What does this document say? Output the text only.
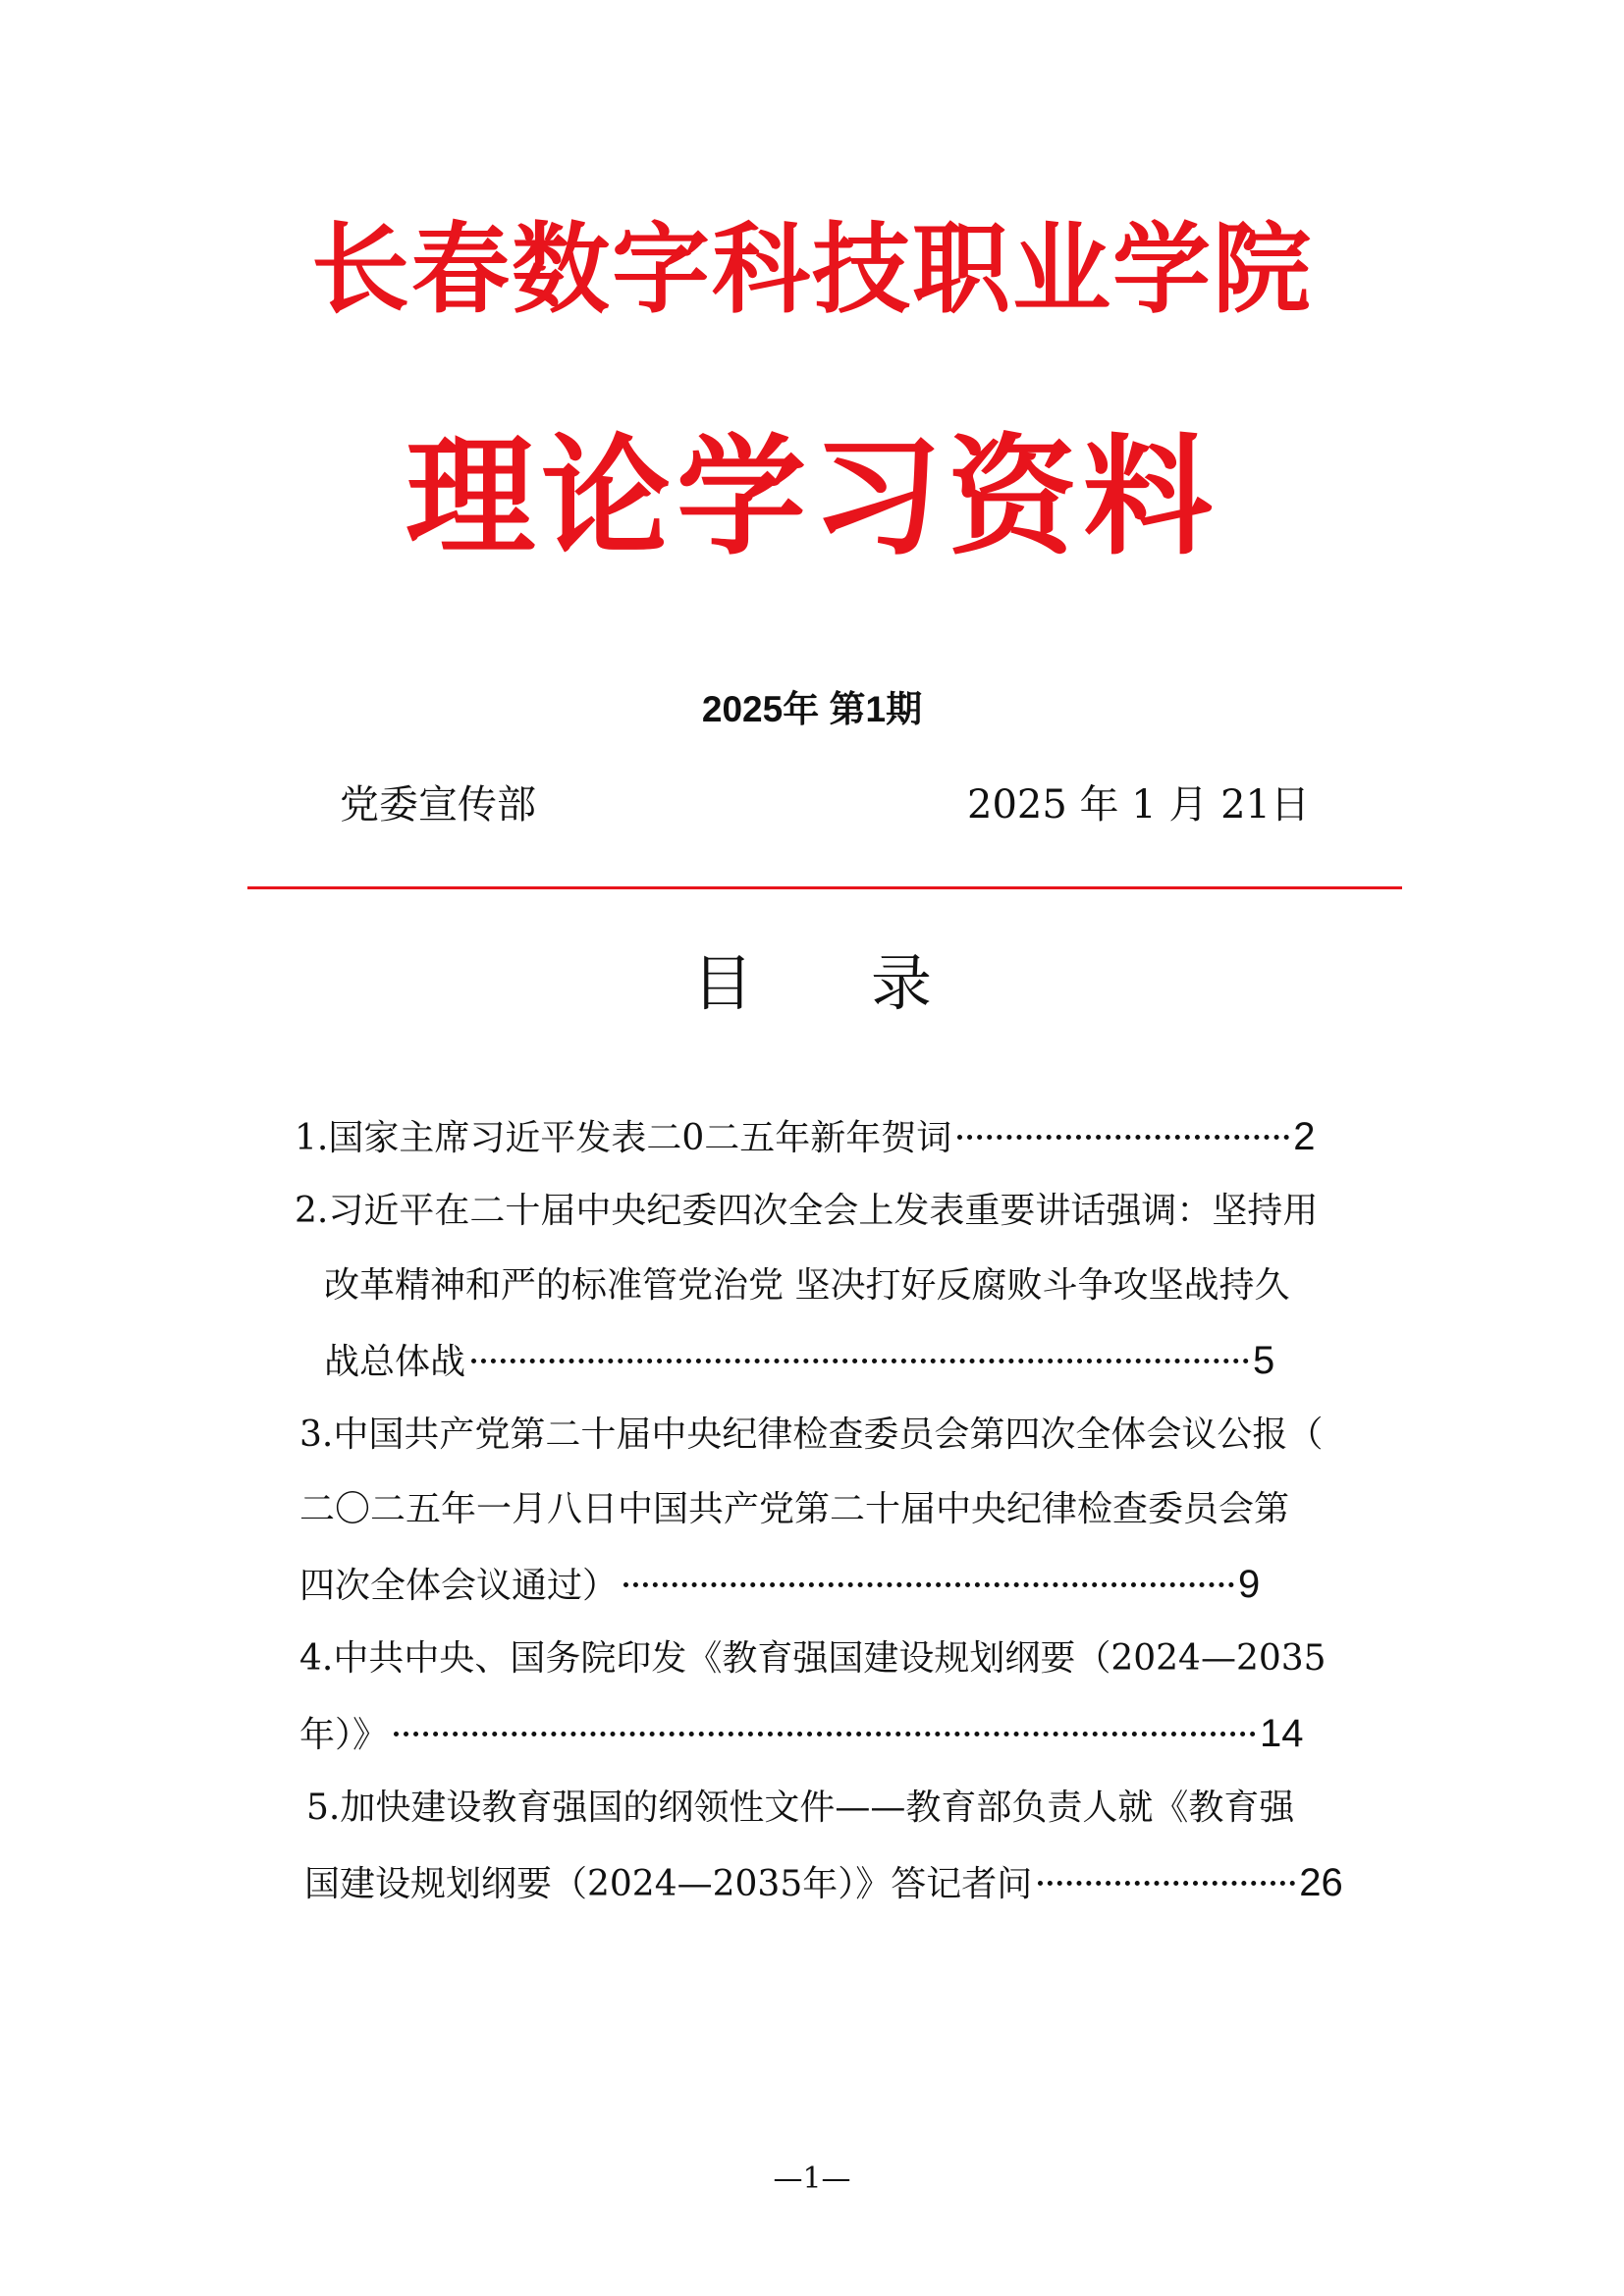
长春数字科技职业学院
理论学习资料
2025年 第1期
党委宣传部	2025 年 1 月 21日
目 录
1.国家主席习近平发表二0二五年新年贺词	2
2.习近平在二十届中央纪委四次全会上发表重要讲话强调：坚持用
改革精神和严的标准管党治党 坚决打好反腐败斗争攻坚战持久
战总体战	5
3.中国共产党第二十届中央纪律检查委员会第四次全体会议公报（
二〇二五年一月八日中国共产党第二十届中央纪律检查委员会第
四次全体会议通过）	9
4.中共中央、国务院印发《教育强国建设规划纲要（2024—2035
年）》	14
5.加快建设教育强国的纲领性文件——教育部负责人就《教育强
国建设规划纲要（2024—2035年）》答记者问	26
—1—
